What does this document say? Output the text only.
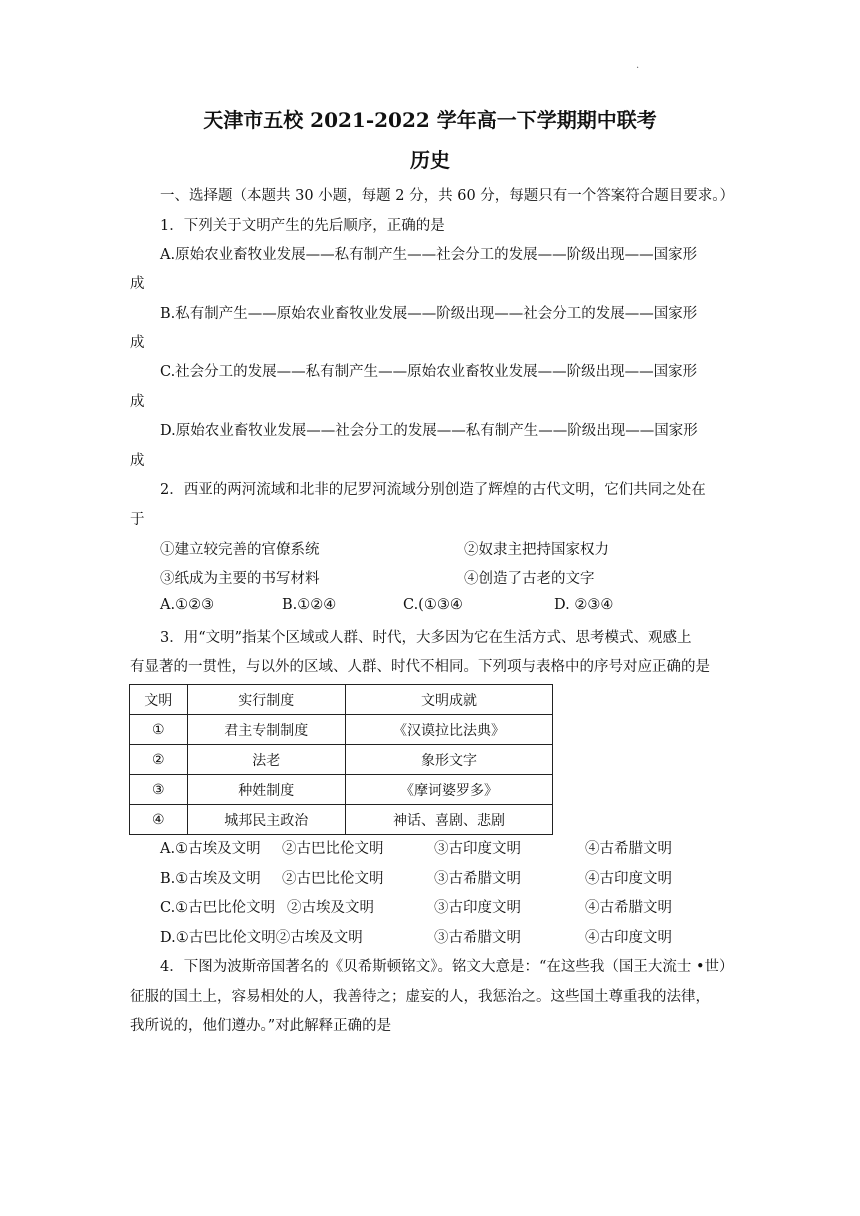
.
天津市五校 2021-2022 学年高一下学期期中联考
历史
一、选择题（本题共 30 小题，每题 2 分，共 60 分，每题只有一个答案符合题目要求。）
1．下列关于文明产生的先后顺序，正确的是
A.原始农业畜牧业发展——私有制产生——社会分工的发展——阶级出现——国家形
成
B.私有制产生——原始农业畜牧业发展——阶级出现——社会分工的发展——国家形
成
C.社会分工的发展——私有制产生——原始农业畜牧业发展——阶级出现——国家形
成
D.原始农业畜牧业发展——社会分工的发展——私有制产生——阶级出现——国家形
成
2．西亚的两河流域和北非的尼罗河流域分别创造了辉煌的古代文明，它们共同之处在
于
①建立较完善的官僚系统	②奴隶主把持国家权力
③纸成为主要的书写材料	④创造了古老的文字
A.①②③	B.①②④	C.(①③④	D. ②③④
3．用“文明”指某个区域或人群、时代，大多因为它在生活方式、思考模式、观感上
有显著的一贯性，与以外的区域、人群、时代不相同。下列项与表格中的序号对应正确的是
文明	实行制度	文明成就
①	君主专制制度	《汉谟拉比法典》
②	法老	象形文字
③	种姓制度	《摩诃婆罗多》
④	城邦民主政治	神话、喜剧、悲剧
A.①古埃及文明 ②古巴比伦文明	③古印度文明	④古希腊文明
B.①古埃及文明 ②古巴比伦文明	③古希腊文明	④古印度文明
C.①古巴比伦文明 ②古埃及文明	③古印度文明	④古希腊文明
D.①古巴比伦文明②古埃及文明	③古希腊文明	④古印度文明
4．下图为波斯帝国著名的《贝希斯顿铭文》。铭文大意是：“在这些我（国王大流士 •世）
征服的国土上，容易相处的人，我善待之；虚妄的人，我惩治之。这些国土尊重我的法律，
我所说的，他们遵办。”对此解释正确的是
